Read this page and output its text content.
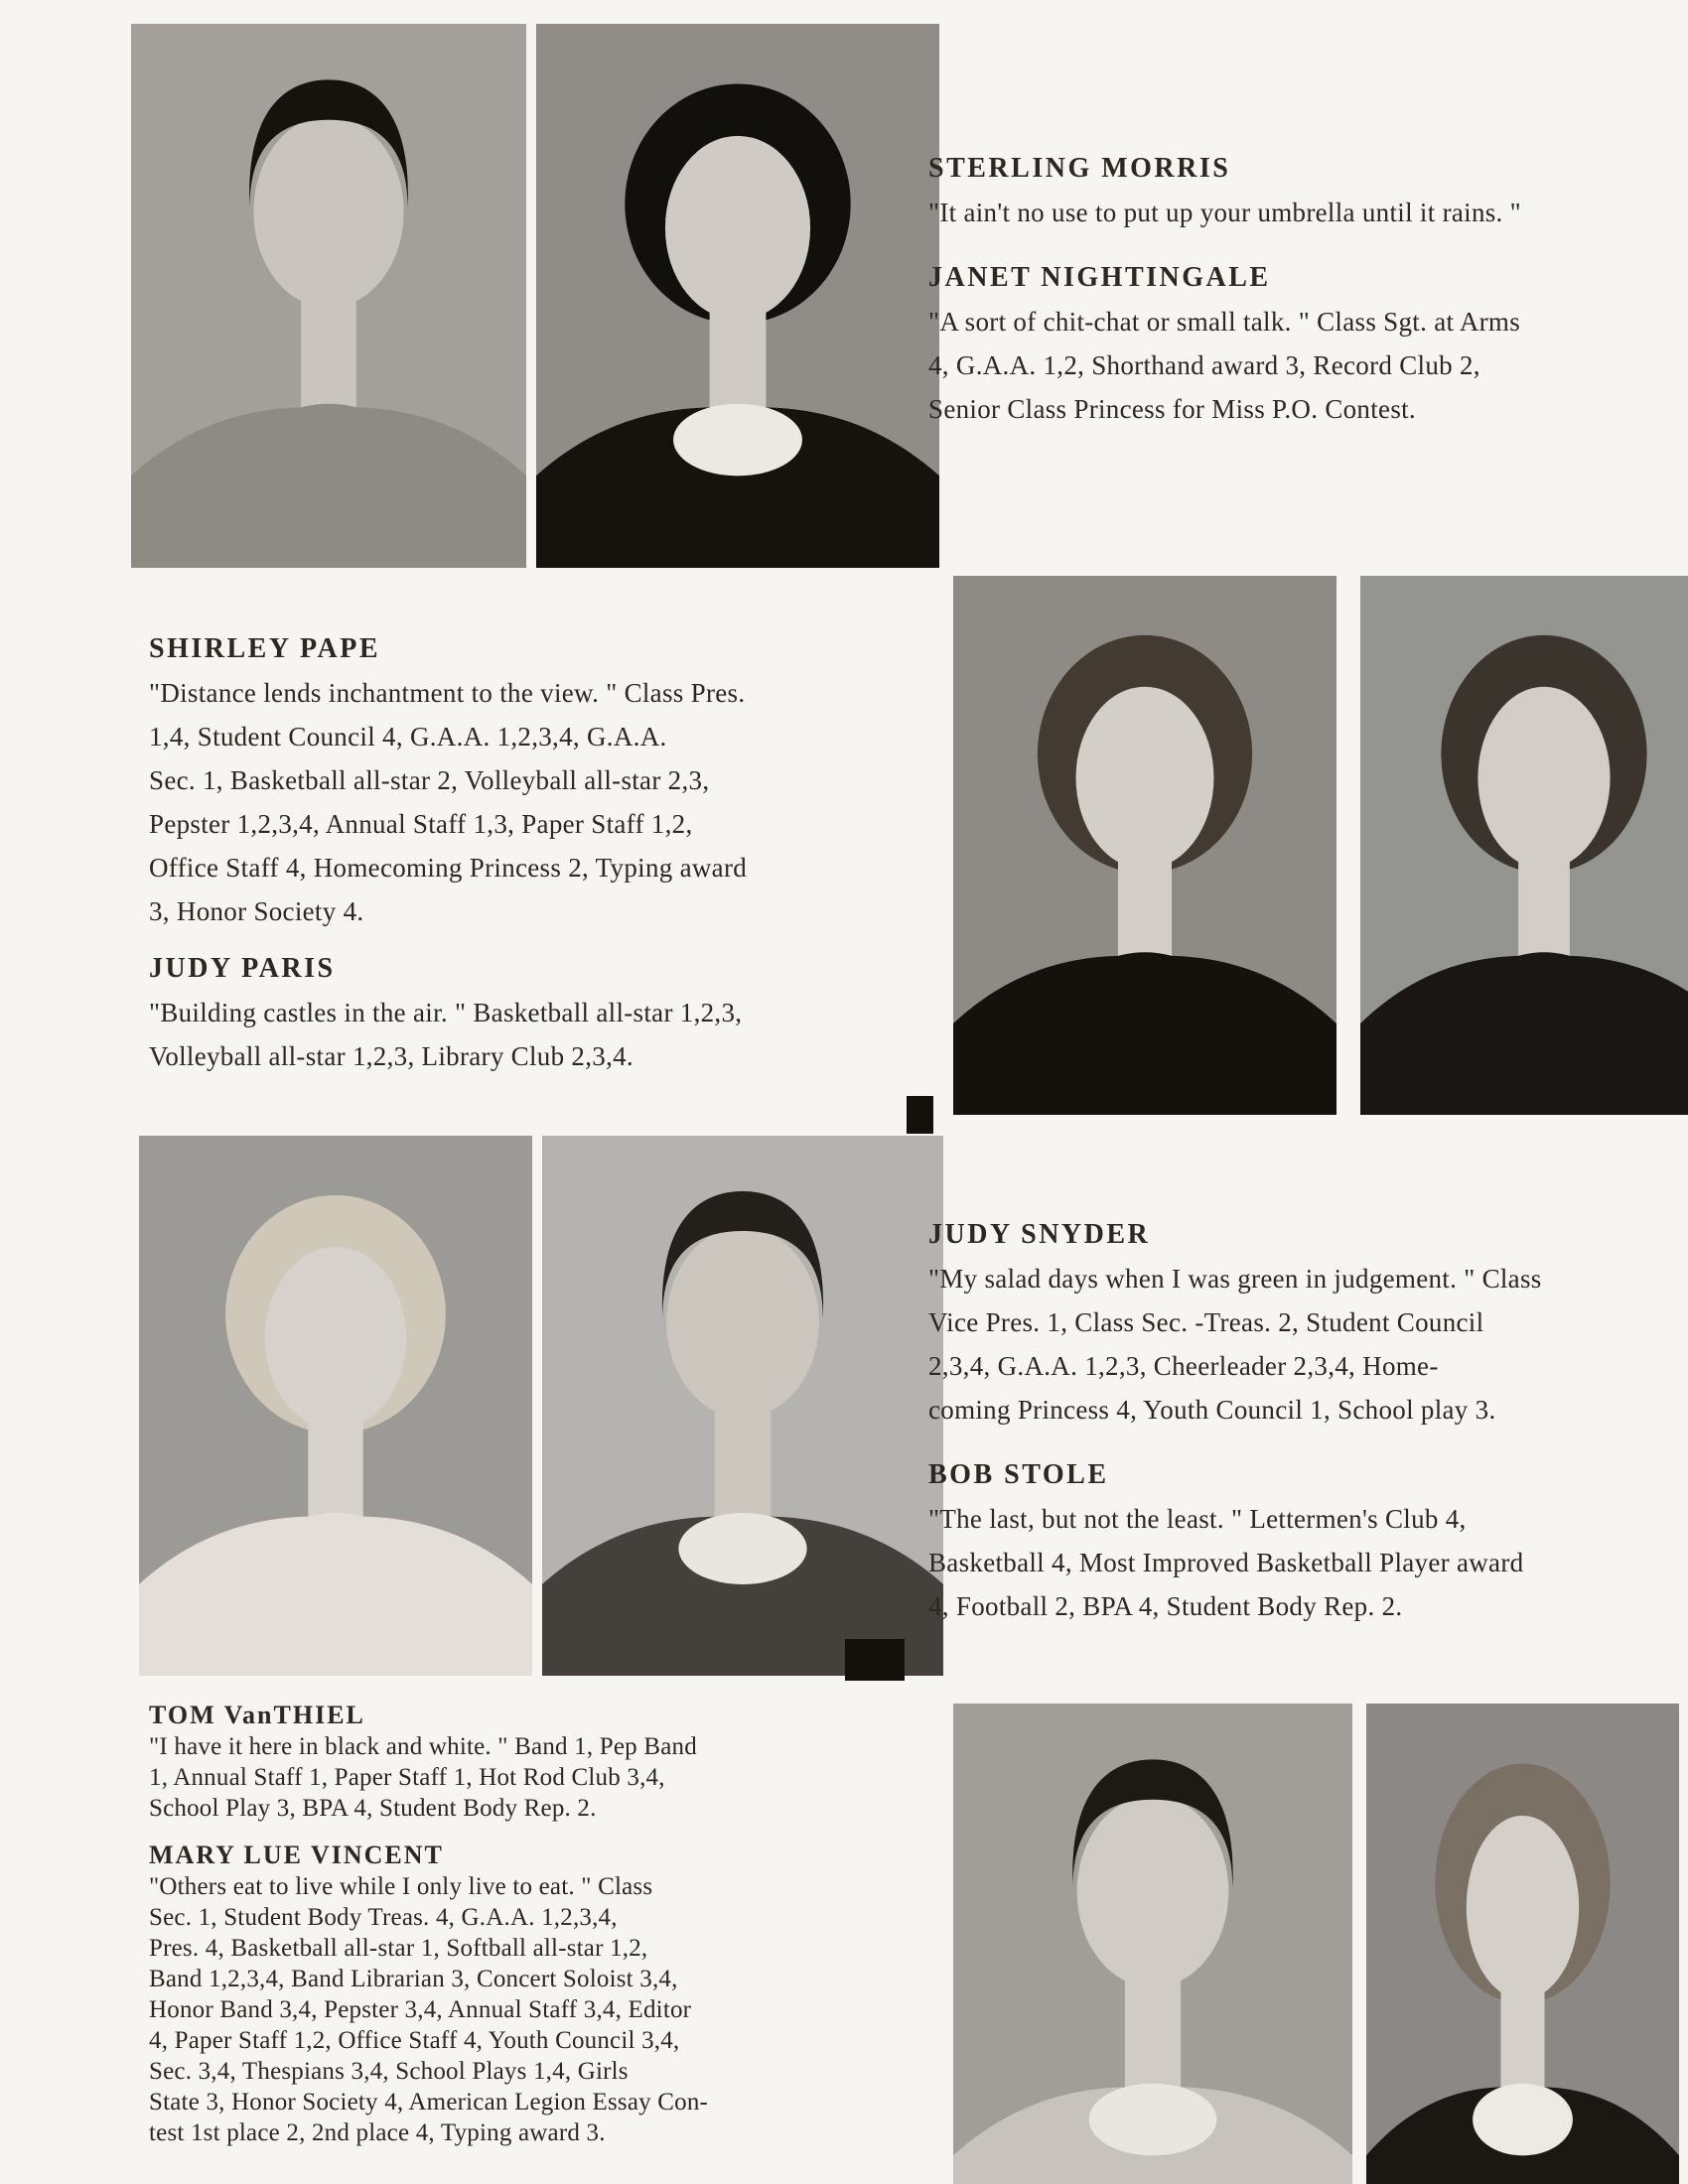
STERLING MORRIS

"It ain't no use to put up your umbrella until it rains. "

JANET NIGHTINGALE

"A sort of chit-chat or small talk. " Class Sgt. at Arms

4, G.A.A. 1,2, Shorthand award 3, Record Club 2,

Senior Class Princess for Miss P.O. Contest.

SHIRLEY PAPE

"Distance lends inchantment to the view. " Class Pres.

1,4, Student Council 4, G.A.A. 1,2,3,4, G.A.A.

Sec. 1, Basketball all-star 2, Volleyball all-star 2,3,

Pepster 1,2,3,4, Annual Staff 1,3, Paper Staff 1,2,

Office Staff 4, Homecoming Princess 2, Typing award

3, Honor Society 4.

JUDY PARIS

"Building castles in the air. " Basketball all-star 1,2,3,

Volleyball all-star 1,2,3, Library Club 2,3,4.

JUDY SNYDER

"My salad days when I was green in judgement. " Class

Vice Pres. 1, Class Sec. -Treas. 2, Student Council

2,3,4, G.A.A. 1,2,3, Cheerleader 2,3,4, Home-

coming Princess 4, Youth Council 1, School play 3.

BOB STOLE

"The last, but not the least. " Lettermen's Club 4,

Basketball 4, Most Improved Basketball Player award

4, Football 2, BPA 4, Student Body Rep. 2.

TOM VanTHIEL

"I have it here in black and white. " Band 1, Pep Band

1, Annual Staff 1, Paper Staff 1, Hot Rod Club 3,4,

School Play 3, BPA 4, Student Body Rep. 2.

MARY LUE VINCENT

"Others eat to live while I only live to eat. " Class

Sec. 1, Student Body Treas. 4, G.A.A. 1,2,3,4,

Pres. 4, Basketball all-star 1, Softball all-star 1,2,

Band 1,2,3,4, Band Librarian 3, Concert Soloist 3,4,

Honor Band 3,4, Pepster 3,4, Annual Staff 3,4, Editor

4, Paper Staff 1,2, Office Staff 4, Youth Council 3,4,

Sec. 3,4, Thespians 3,4, School Plays 1,4, Girls

State 3, Honor Society 4, American Legion Essay Con-

test 1st place 2, 2nd place 4, Typing award 3.
